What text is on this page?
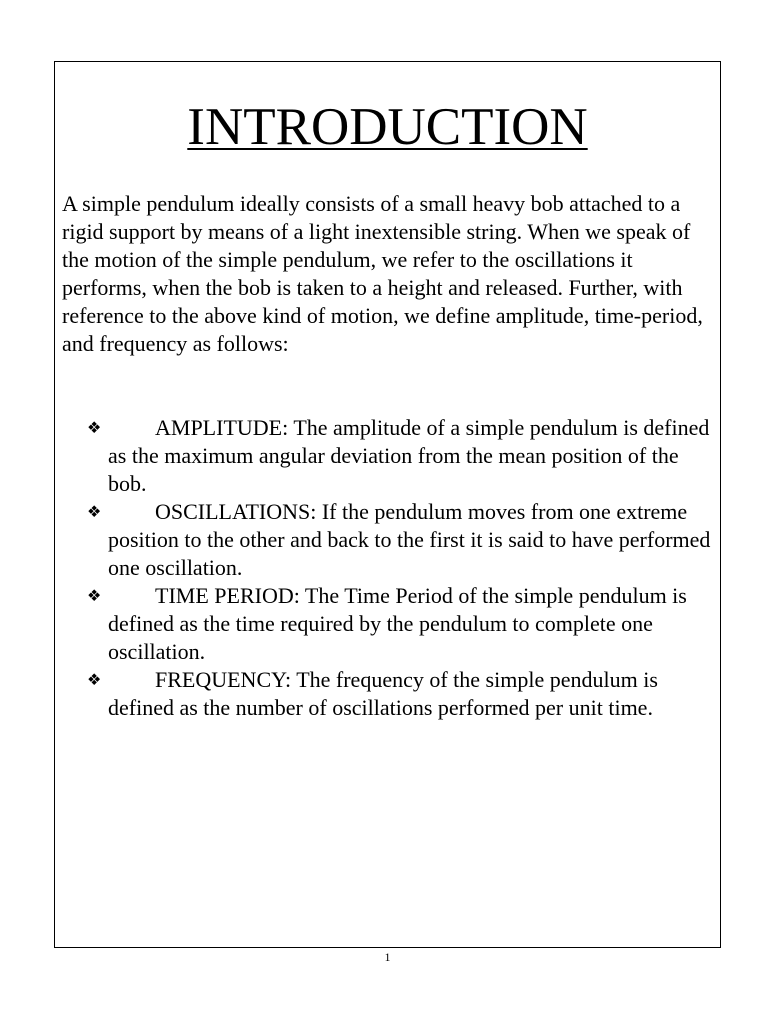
INTRODUCTION

A simple pendulum ideally consists of a small heavy bob attached to a rigid support by means of a light inextensible string. When we speak of the motion of the simple pendulum, we refer to the oscillations it performs, when the bob is taken to a height and released. Further, with reference to the above kind of motion, we define amplitude, time-period, and frequency as follows:

❖ AMPLITUDE: The amplitude of a simple pendulum is defined as the maximum angular deviation from the mean position of the bob.
❖ OSCILLATIONS: If the pendulum moves from one extreme position to the other and back to the first it is said to have performed one oscillation.
❖ TIME PERIOD: The Time Period of the simple pendulum is defined as the time required by the pendulum to complete one oscillation.
❖ FREQUENCY: The frequency of the simple pendulum is defined as the number of oscillations performed per unit time.
1
